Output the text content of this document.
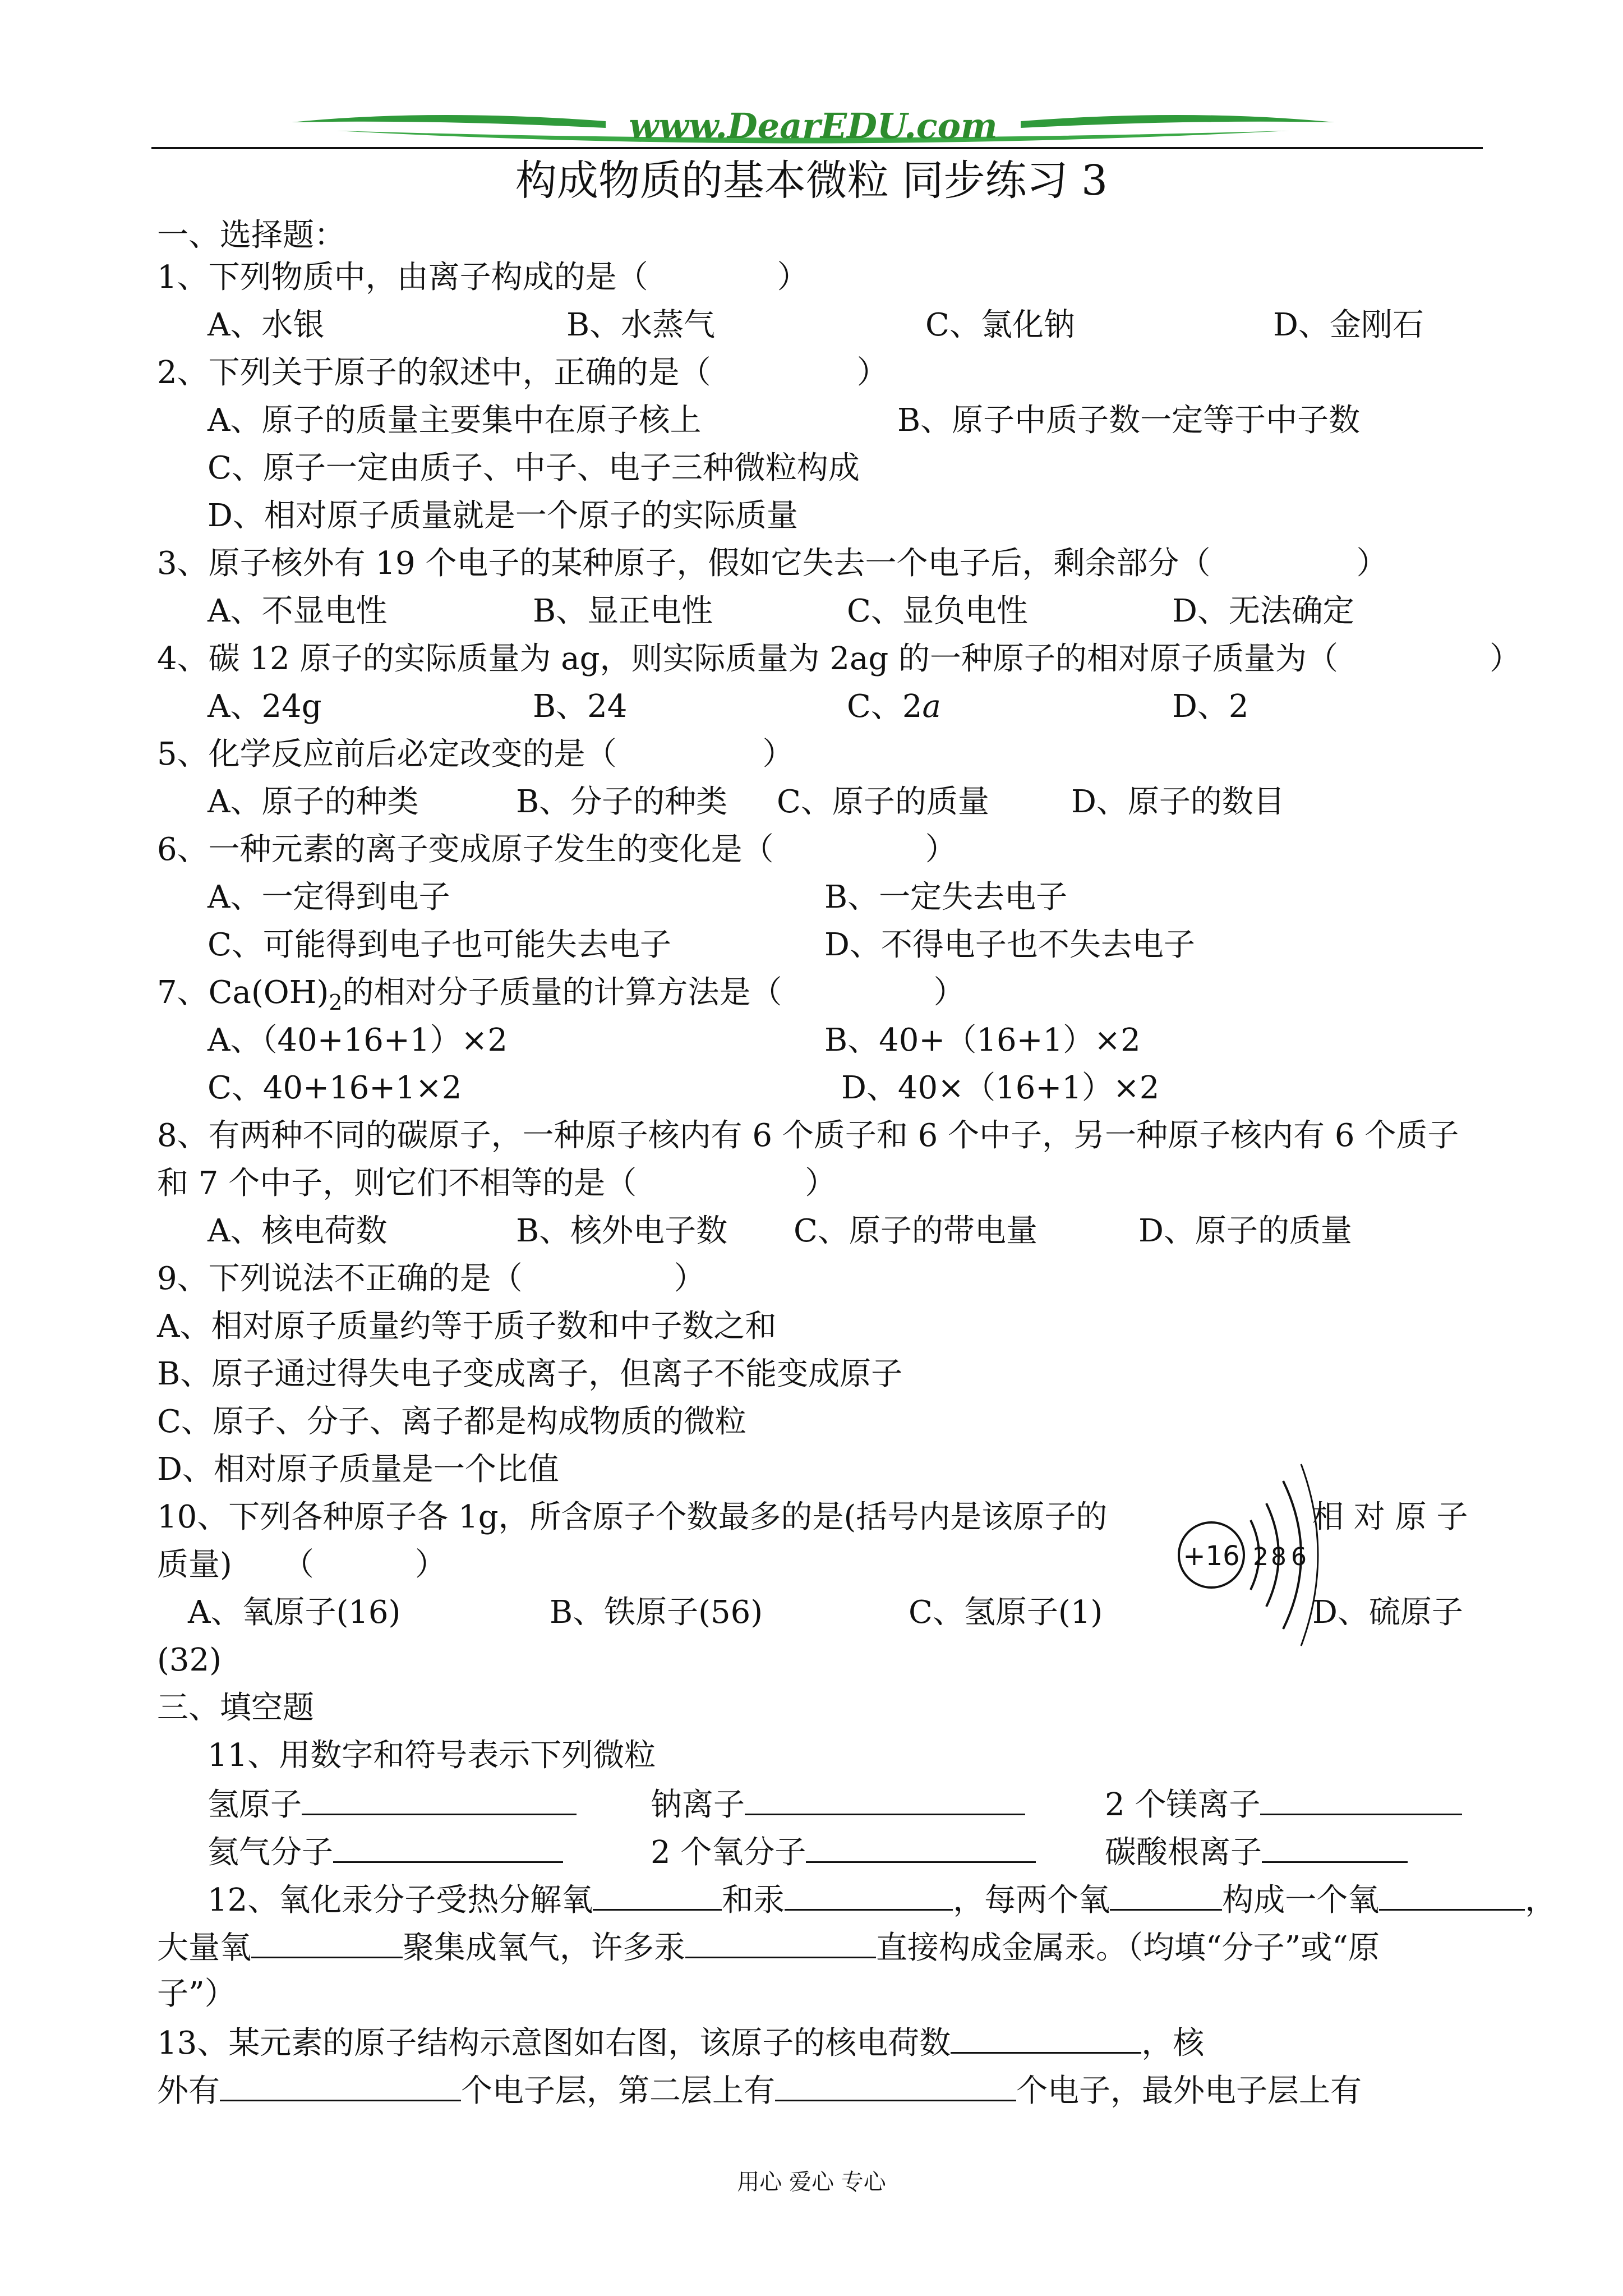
www.DearEDU.com
构成物质的基本微粒 同步练习 3
一、选择题：
1、下列物质中，由离子构成的是（	）
A、水银	B、水蒸气	C、氯化钠	D、金刚石
2、下列关于原子的叙述中，正确的是（	）
A、原子的质量主要集中在原子核上	B、原子中质子数一定等于中子数
C、原子一定由质子、中子、电子三种微粒构成
D、相对原子质量就是一个原子的实际质量
3、原子核外有 19 个电子的某种原子，假如它失去一个电子后，剩余部分（	）
A、不显电性	B、显正电性	C、显负电性	D、无法确定
4、碳 12 原子的实际质量为 ag，则实际质量为 2ag 的一种原子的相对原子质量为（	）
A、24g	B、24	C、2a	D、2
5、化学反应前后必定改变的是（	）
A、原子的种类	B、分子的种类 C、原子的质量	D、原子的数目
6、一种元素的离子变成原子发生的变化是（	）
A、一定得到电子	B、一定失去电子
C、可能得到电子也可能失去电子	D、不得电子也不失去电子
7、$Ca(OH)_2$的相对分子质量的计算方法是（	）
A、（40+16+1）×2	B、40+（16+1）×2
C、40+16+1×2	D、40×（16+1）×2
8、有两种不同的碳原子，一种原子核内有 6 个质子和 6 个中子，另一种原子核内有 6 个质子
和 7 个中子，则它们不相等的是（	）
A、核电荷数	B、核外电子数 C、原子的带电量	D、原子的质量
9、下列说法不正确的是（	）
A、相对原子质量约等于质子数和中子数之和
B、原子通过得失电子变成离子，但离子不能变成原子
C、原子、分子、离子都是构成物质的微粒
D、相对原子质量是一个比值
10、下列各种原子各 1g，所含原子个数最多的是(括号内是该原子的	相 对 原 子
质量) （	）
A、氧原子(16)	B、铁原子(56)	C、氢原子(1)	D、硫原子
(32)
+16 2 8 6
三、填空题
11、用数字和符号表示下列微粒
氢原子	钠离子	2 个镁离子
氦气分子	2 个氧分子	碳酸根离子
12、氧化汞分子受热分解氧	和汞	，每两个氧	构成一个氧	，
大量氧	聚集成氧气，许多汞	直接构成金属汞。（均填“分子”或“原
子”）
13、某元素的原子结构示意图如右图，该原子的核电荷数	，核
外有	个电子层，第二层上有	个电子，最外电子层上有
用心 爱心 专心
